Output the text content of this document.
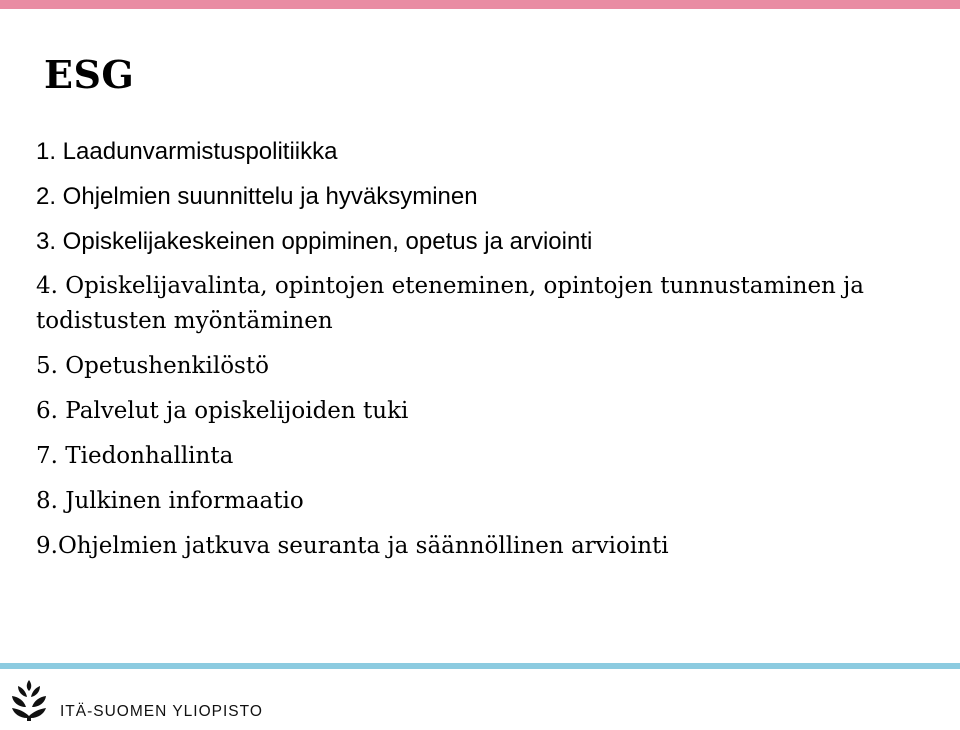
ESG

1. Laadunvarmistuspolitiikka

2. Ohjelmien suunnittelu ja hyväksyminen

3. Opiskelijakeskeinen oppiminen, opetus ja arviointi

4. Opiskelijavalinta, opintojen eteneminen, opintojen tunnustaminen ja todistusten myöntäminen

5. Opetushenkilöstö

6. Palvelut ja opiskelijoiden tuki

7. Tiedonhallinta

8. Julkinen informaatio

9.Ohjelmien jatkuva seuranta ja säännöllinen arviointi

ITÄ-SUOMEN YLIOPISTO
